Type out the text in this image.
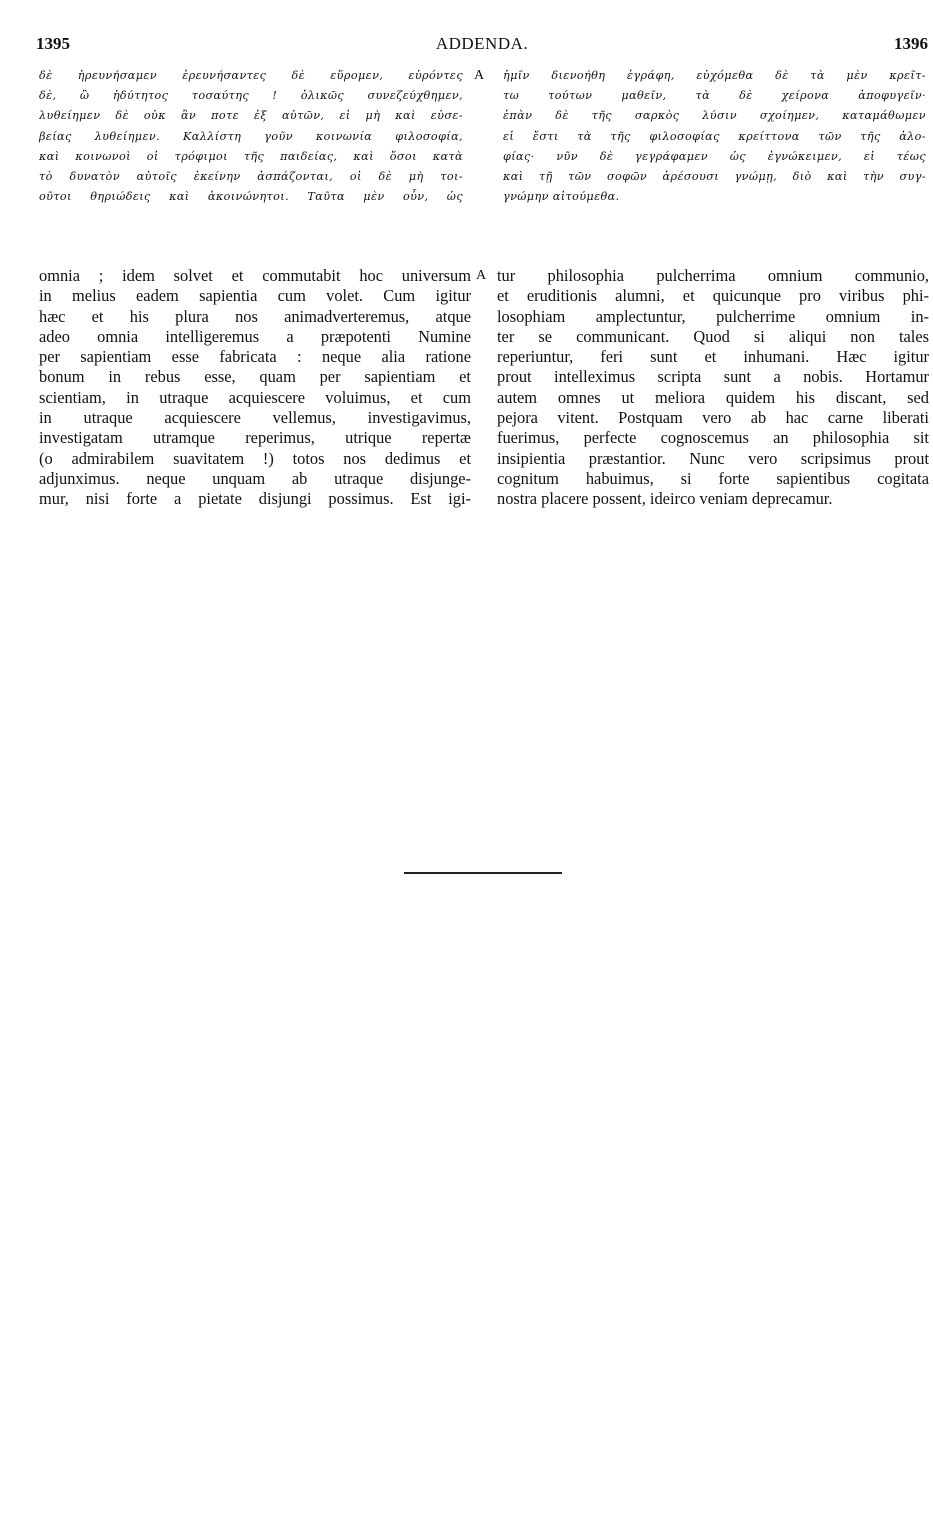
1395	ADDENDA.	1396
δὲ ἠρευνήσαμεν ἐρευνήσαντες δὲ εὕρομεν, εὑρόντες
δὲ, ὢ ἡδύτητος τοσαύτης ! ὁλικῶς συνεζεύχθημεν,
λυθείημεν δὲ οὐκ ἂν ποτε ἐξ αὐτῶν, εἰ μὴ καὶ εὐσε-
βείας λυθείημεν. Καλλίστη γοῦν κοινωνία φιλοσοφία,
καὶ κοινωνοὶ οἱ τρόφιμοι τῆς παιδείας, καὶ ὅσοι κατὰ
τὸ δυνατὸν αὐτοῖς ἐκείνην ἀσπάζονται, οἱ δὲ μὴ τοι-
οῦτοι θηριώδεις καὶ ἀκοινώνητοι. Ταῦτα μὲν οὖν, ὡς
A ἡμῖν διενοήθη ἐγράφη, εὐχόμεθα δὲ τὰ μὲν κρεῖτ-
τω τούτων μαθεῖν, τὰ δὲ χείρονα ἀποφυγεῖν·
ἐπὰν δὲ τῆς σαρκὸς λύσιν σχοίημεν, καταμάθωμεν
εἰ ἔστι τὰ τῆς φιλοσοφίας κρείττονα τῶν τῆς ἀλο-
φίας· νῦν δὲ γεγράφαμεν ὡς ἐγνώκειμεν, εἰ τέως
καὶ τῇ τῶν σοφῶν ἀρέσουσι γνώμῃ, διὸ καὶ τὴν συγ-
γνώμην αἰτούμεθα.
omnia ; idem solvet et commutabit hoc universum
in melius eadem sapientia cum volet. Cum igitur
hæc et his plura nos animadverteremus, atque
adeo omnia intelligeremus a præpotenti Numine
per sapientiam esse fabricata : neque alia ratione
bonum in rebus esse, quam per sapientiam et
scientiam, in utraque acquiescere voluimus, et cum
in utraque acquiescere vellemus, investigavimus,
investigatam utramque reperimus, utrique repertæ
(o admirabilem suavitatem !) totos nos dedimus et
adjunximus. neque unquam ab utraque disjunge-
mur, nisi forte a pietate disjungi possimus. Est igi-
A tur philosophia pulcherrima omnium communio,
et eruditionis alumni, et quicunque pro viribus phi-
losophiam amplectuntur, pulcherrime omnium in-
ter se communicant. Quod si aliqui non tales
reperiuntur, feri sunt et inhumani. Hæc igitur
prout intelleximus scripta sunt a nobis. Hortamur
autem omnes ut meliora quidem his discant, sed
pejora vitent. Postquam vero ab hac carne liberati
fuerimus, perfecte cognoscemus an philosophia sit
insipientia præstantior. Nunc vero scripsimus prout
cognitum habuimus, si forte sapientibus cogitata
nostra placere possent, ideirco veniam deprecamur.
